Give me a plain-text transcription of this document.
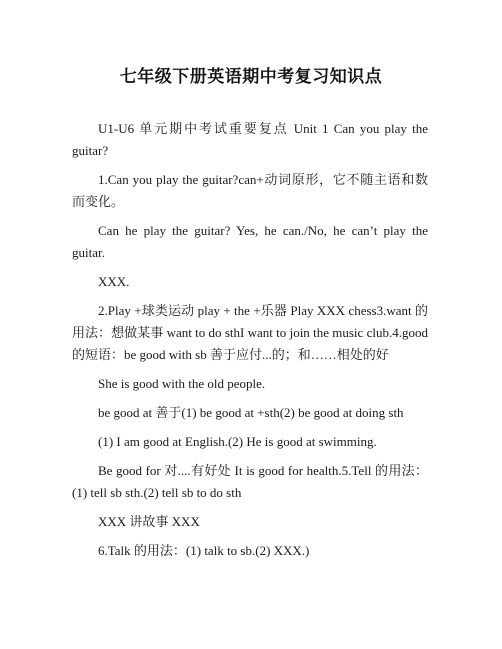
七年级下册英语期中考复习知识点

U1-U6 单元期中考试重要复点 Unit 1 Can you play the guitar?

1.Can you play the guitar?can+动词原形，它不随主语和数而变化。

Can he play the guitar? Yes, he can./No, he can’t play the guitar.

XXX.

2.Play +球类运动 play + the +乐器 Play XXX chess3.want 的用法：想做某事 want to do sthI want to join the music club.4.good 的短语：be good with sb 善于应付...的；和……相处的好

She is good with the old people.

be good at 善于(1) be good at +sth(2) be good at doing sth

(1) I am good at English.(2) He is good at swimming.

Be good for 对....有好处 It is good for health.5.Tell 的用法：(1) tell sb sth.(2) tell sb to do sth

XXX 讲故事 XXX

6.Talk 的用法：(1) talk to sb.(2) XXX.)
